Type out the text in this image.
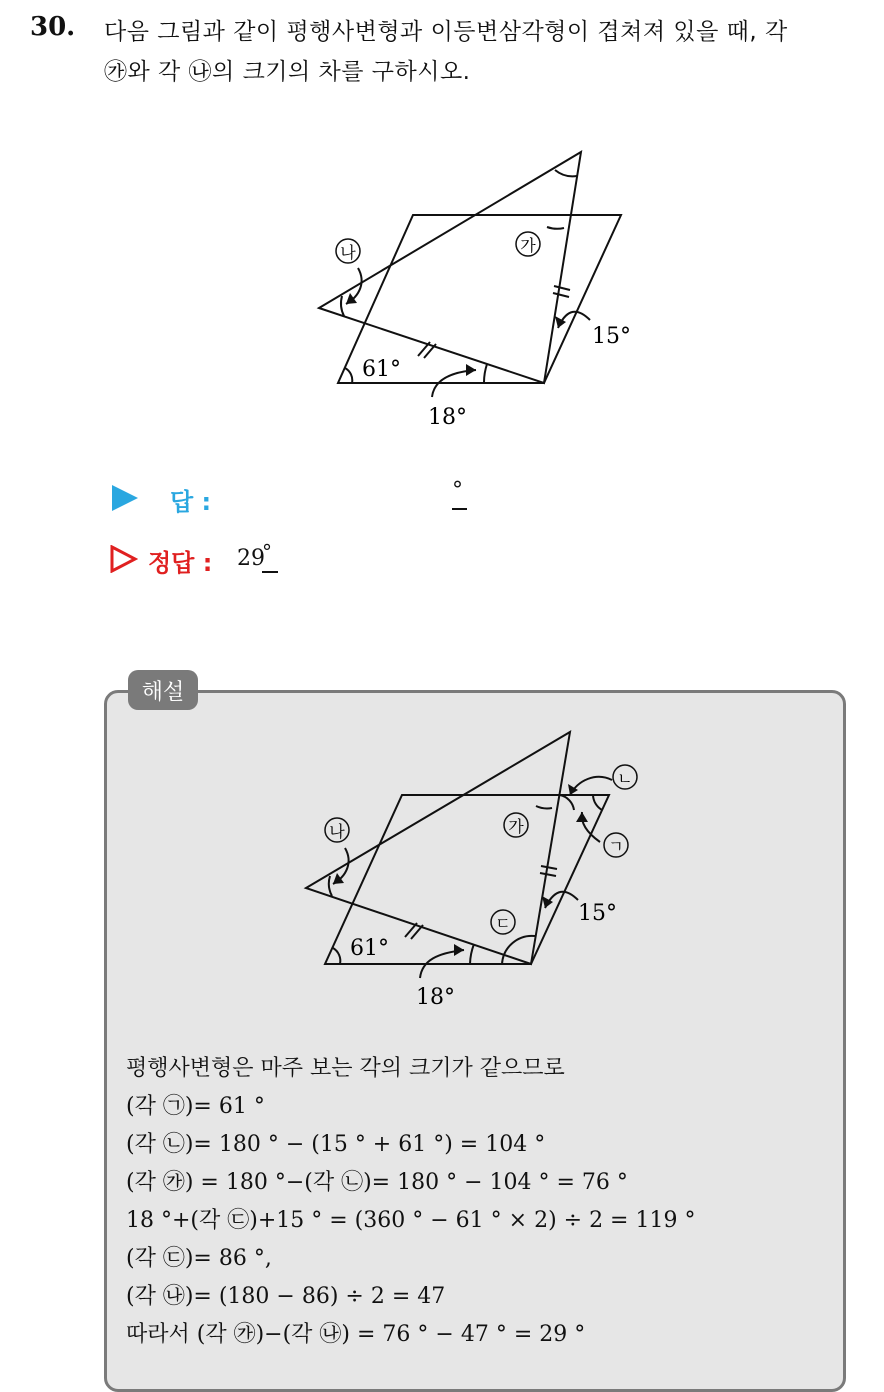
30. 다음 그림과 같이 평행사변형과 이등변삼각형이 겹쳐져 있을 때, 각
㉮와 각 ㉯의 크기의 차를 구하시오.
나	가
61°
18°
15°
답 :	°
정답 : 29
°
해설
나	가
ㄴ
ㄱ
ㄷ
61°
18°
15°
평행사변형은 마주 보는 각의 크기가 같으므로
(각 ㉠)= 61 °
(각 ㉡)= 180 ° − (15 ° + 61 °) = 104 °
(각 ㉮) = 180 °−(각 ㉡)= 180 ° − 104 ° = 76 °
18 °+(각 ㉢)+15 ° = (360 ° − 61 ° × 2) ÷ 2 = 119 °
(각 ㉢)= 86 °,
(각 ㉯)= (180 − 86) ÷ 2 = 47
따라서 (각 ㉮)−(각 ㉯) = 76 ° − 47 ° = 29 °
